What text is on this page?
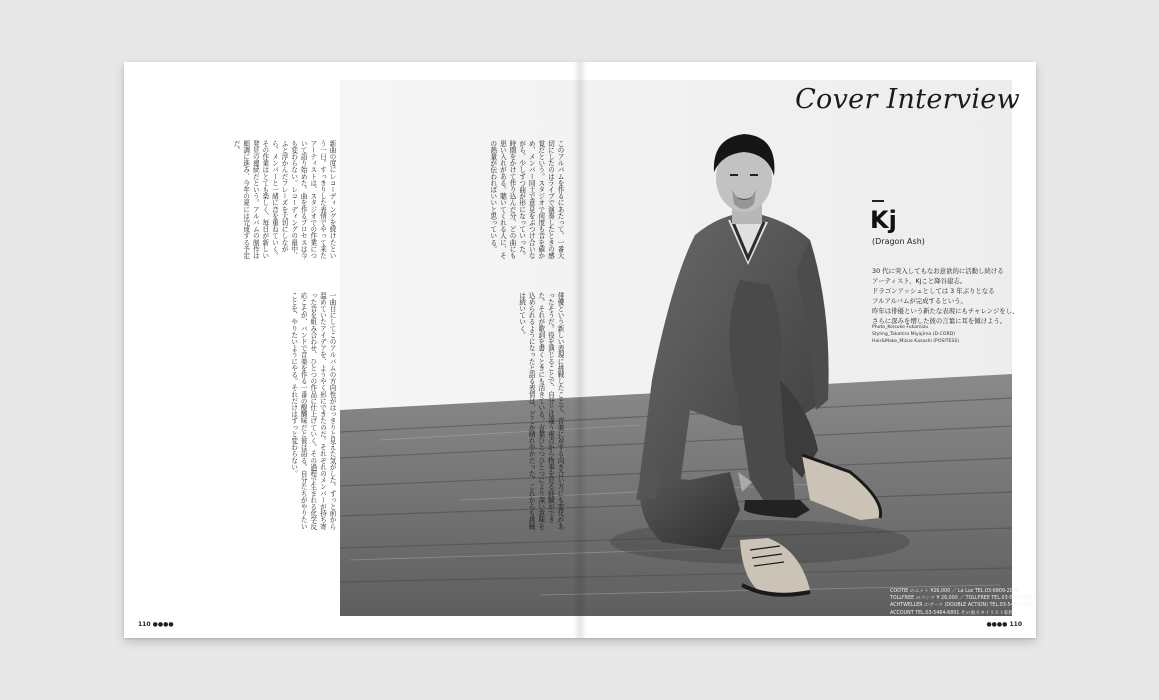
新曲の度にレコーディングを続けたという一日。すっきりした表情でやって来たアーティストは、スタジオでの作業について語り始めた。曲を作るプロセスは今も変わらない。レコーディングの最中、ふと浮かんだフレーズを大切にしながら、メンバーと一緒に音を重ねていく。その作業はとても楽しく、毎日が新しい発見の連続だという。アルバムの制作は順調に進み、今年の夏には完成する予定だ。
一曲目にしてこのアルバムの方向性がはっきりと見えた気がした。ずっと前から温めていたアイデアを、ようやく形にできたのだ。それぞれのメンバーが持ち寄った音を組み合わせ、ひとつの作品に仕上げていく。その過程で生まれる化学反応こそが、バンドで音楽を作る一番の醍醐味だと彼は語る。自分たちがやりたいことを、やりたいようにやる。それだけはずっと変わらない。
このアルバムを作るにあたって、一番大切にしたのはライブで演奏したときの感覚だという。スタジオで何度も音を確かめ、メンバー同士で意見をぶつけ合いながら、少しずつ曲が形になっていった。時間をかけて作り込んだ分、どの曲にも思い入れがある。聴いてくれる人に、その熱量が伝わればいいと思っている。
俳優という新しい表現に挑戦したことで、音楽に対する向き合い方にも変化があったそうだ。役を演じることで、自分とは違う視点から物事を見る経験ができた。それが歌詞を書くときにも活きている。言葉ひとつひとつにより深い意味を込められるようになったと語る表情は、どこか晴れやかだった。これからも挑戦は続いていく。
Cover Interview
Kj
(Dragon Ash)
30 代に突入してもなお意欲的に活動し続ける
アーティスト、Kjこと降谷建志。
ドラゴンアッシュとしては 3 年ぶりとなる
フルアルバムが完成するという。
昨年は俳優という新たな表現にもチャレンジをし、
さらに深みを増した彼の言葉に耳を傾けよう。
Photo_Keisuke Fukamizu
Styling_Takahiro Miyajima (D-CORD)
Hair&Make_Mizue Kasashi (POSITESS)
COOTIE のニット ¥26,000 ／ La Luz TEL.03-6809-2086
TOLLFREE のパンツ ¥ 26,000 ／ TOLLFREE TEL.03-5770-2519
ACHTWELLER のブーツ (DOUBLE ACTION) TEL.03-5456-0851
ACCOUNT TEL.03-5464-6891 その他スタイリスト私物
110 ●●●●	●●●● 110
